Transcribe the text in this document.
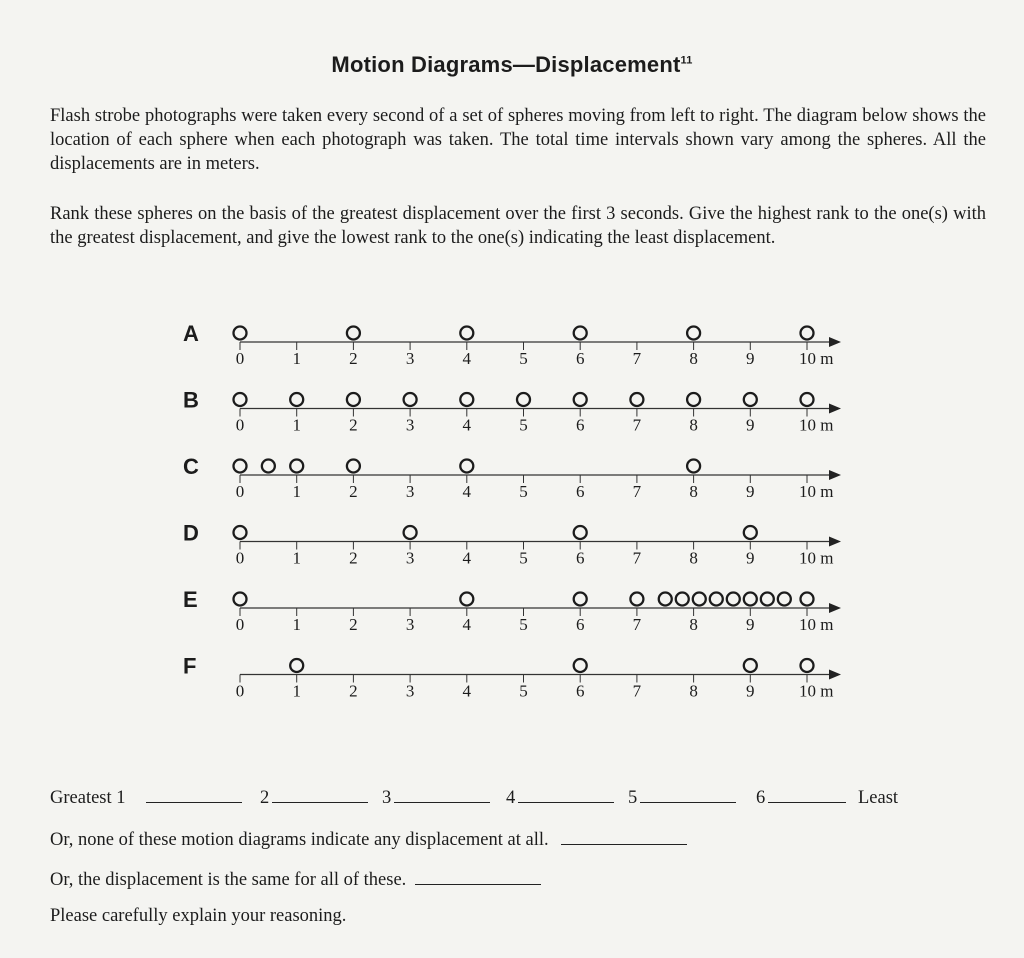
Motion Diagrams—Displacement$^{11}$
Flash strobe photographs were taken every second of a set of spheres moving from left to right. The diagram below shows the location of each sphere when each photograph was taken. The total time intervals shown vary among the spheres. All the displacements are in meters.
Rank these spheres on the basis of the greatest displacement over the first 3 seconds. Give the highest rank to the one(s) with the greatest displacement, and give the lowest rank to the one(s) indicating the least displacement.
A
0	1	2	3	4	5	6	7	8	9	10 m
B
0	1	2	3	4	5	6	7	8	9	10 m
C
0	1	2	3	4	5	6	7	8	9	10 m
D
0	1	2	3	4	5	6	7	8	9	10 m
E
0	1	2	3	4	5	6	7	8	9	10 m
F
0	1	2	3	4	5	6	7	8	9	10 m
Greatest 1	2	3	4	5	6	Least
Or, none of these motion diagrams indicate any displacement at all.
Or, the displacement is the same for all of these.
Please carefully explain your reasoning.
